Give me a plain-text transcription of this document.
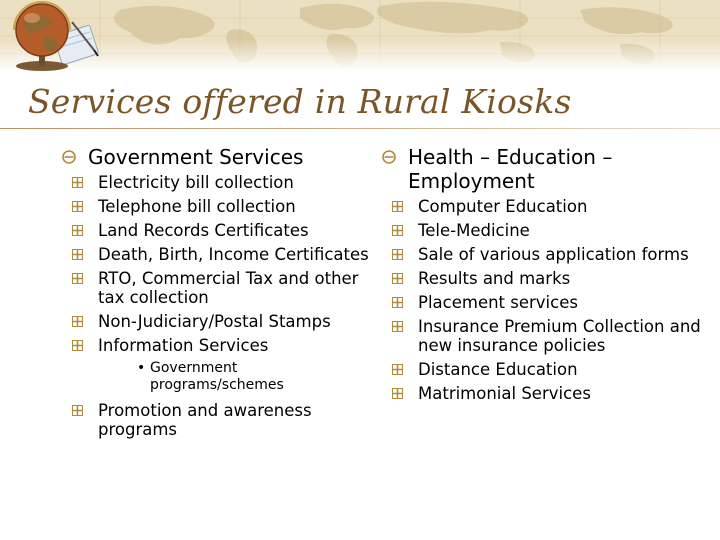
Services offered in Rural Kiosks
Government Services
Electricity bill collection
Telephone bill collection
Land Records Certificates
Death, Birth, Income Certificates
RTO, Commercial Tax and other tax collection
Non-Judiciary/Postal Stamps
Information Services
• Government programs/schemes
Promotion and awareness programs
Health – Education – Employment
Computer Education
Tele-Medicine
Sale of various application forms
Results and marks
Placement services
Insurance Premium Collection and new insurance policies
Distance Education
Matrimonial Services
